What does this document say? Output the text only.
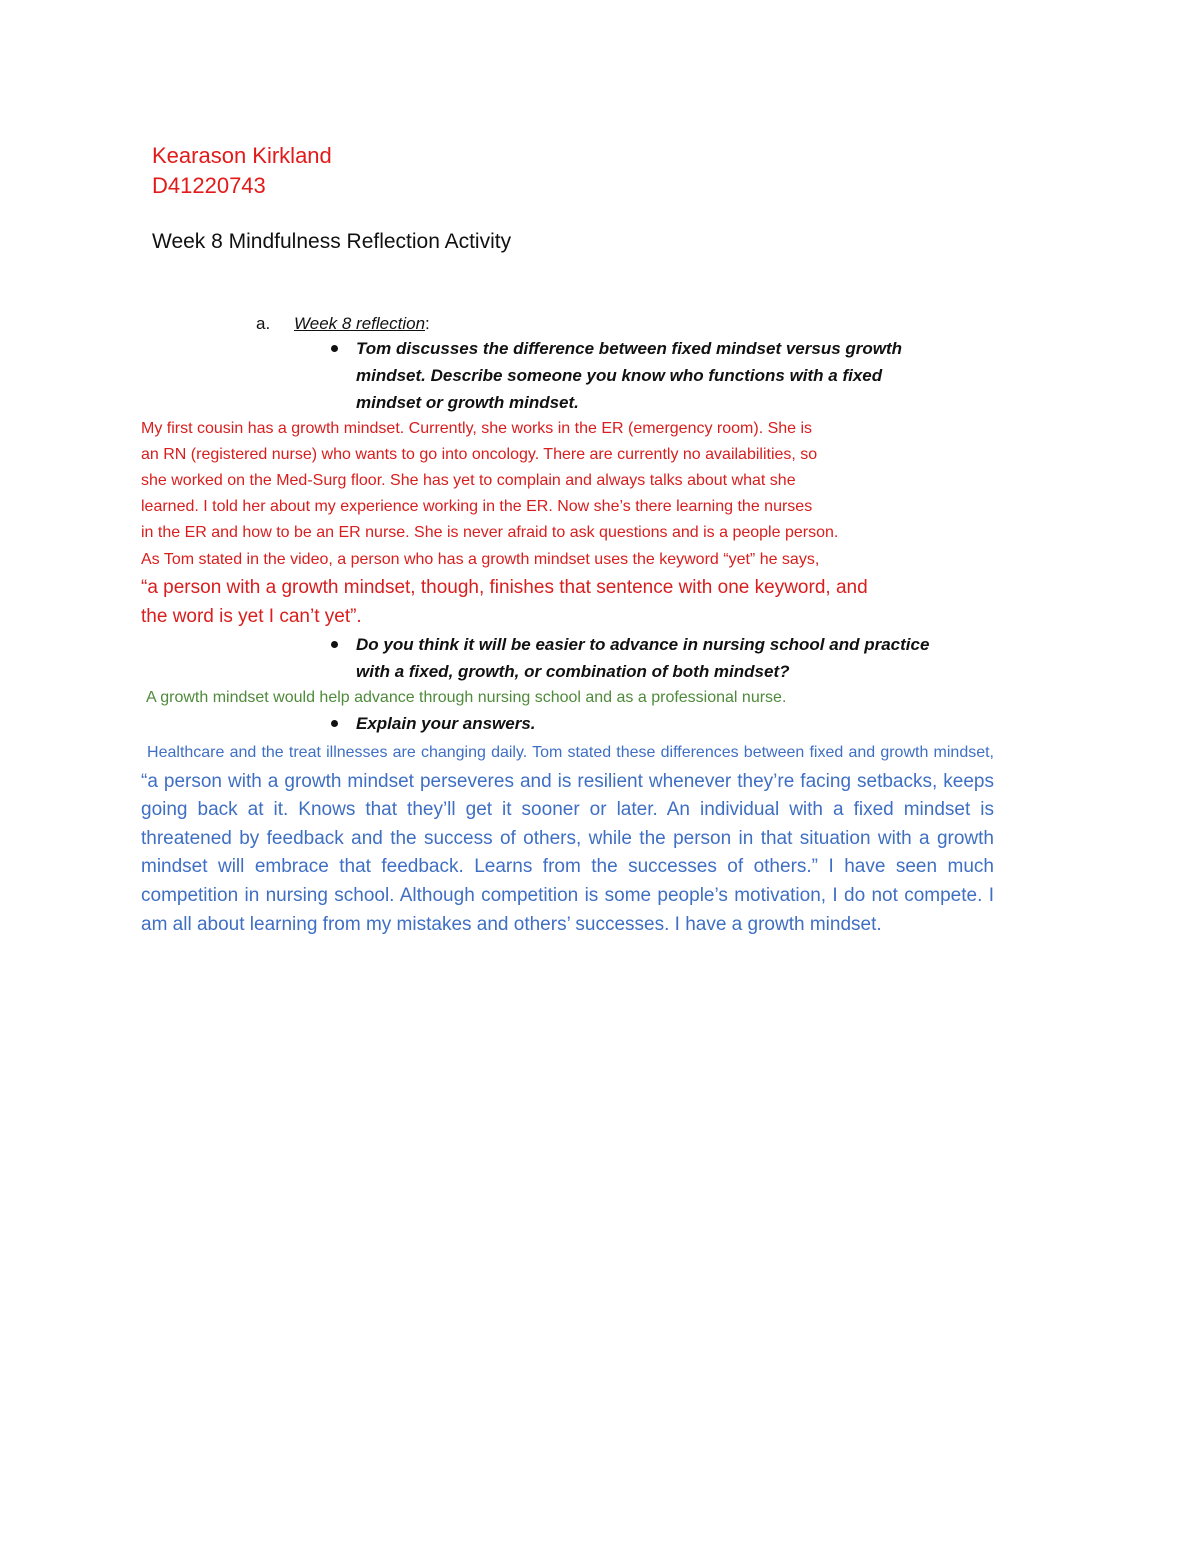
Kearason Kirkland
D41220743
Week 8 Mindfulness Reflection Activity
a. Week 8 reflection:
Tom discusses the difference between fixed mindset versus growth
mindset. Describe someone you know who functions with a fixed
mindset or growth mindset.
My first cousin has a growth mindset. Currently, she works in the ER (emergency room). She is
an RN (registered nurse) who wants to go into oncology. There are currently no availabilities, so
she worked on the Med-Surg floor. She has yet to complain and always talks about what she
learned. I told her about my experience working in the ER. Now she’s there learning the nurses
in the ER and how to be an ER nurse. She is never afraid to ask questions and is a people person.
As Tom stated in the video, a person who has a growth mindset uses the keyword “yet” he says,
“a person with a growth mindset, though, finishes that sentence with one keyword, and
the word is yet I can’t yet”.
Do you think it will be easier to advance in nursing school and practice
with a fixed, growth, or combination of both mindset?
A growth mindset would help advance through nursing school and as a professional nurse.
Explain your answers.
Healthcare and the treat illnesses are changing daily. Tom stated these differences between fixed and growth mindset, “a person with a growth mindset perseveres and is resilient whenever they’re facing setbacks, keeps going back at it. Knows that they’ll get it sooner or later. An individual with a fixed mindset is threatened by feedback and the success of others, while the person in that situation with a growth mindset will embrace that feedback. Learns from the successes of others.” I have seen much competition in nursing school. Although competition is some people’s motivation, I do not compete. I am all about learning from my mistakes and others’ successes. I have a growth mindset.
